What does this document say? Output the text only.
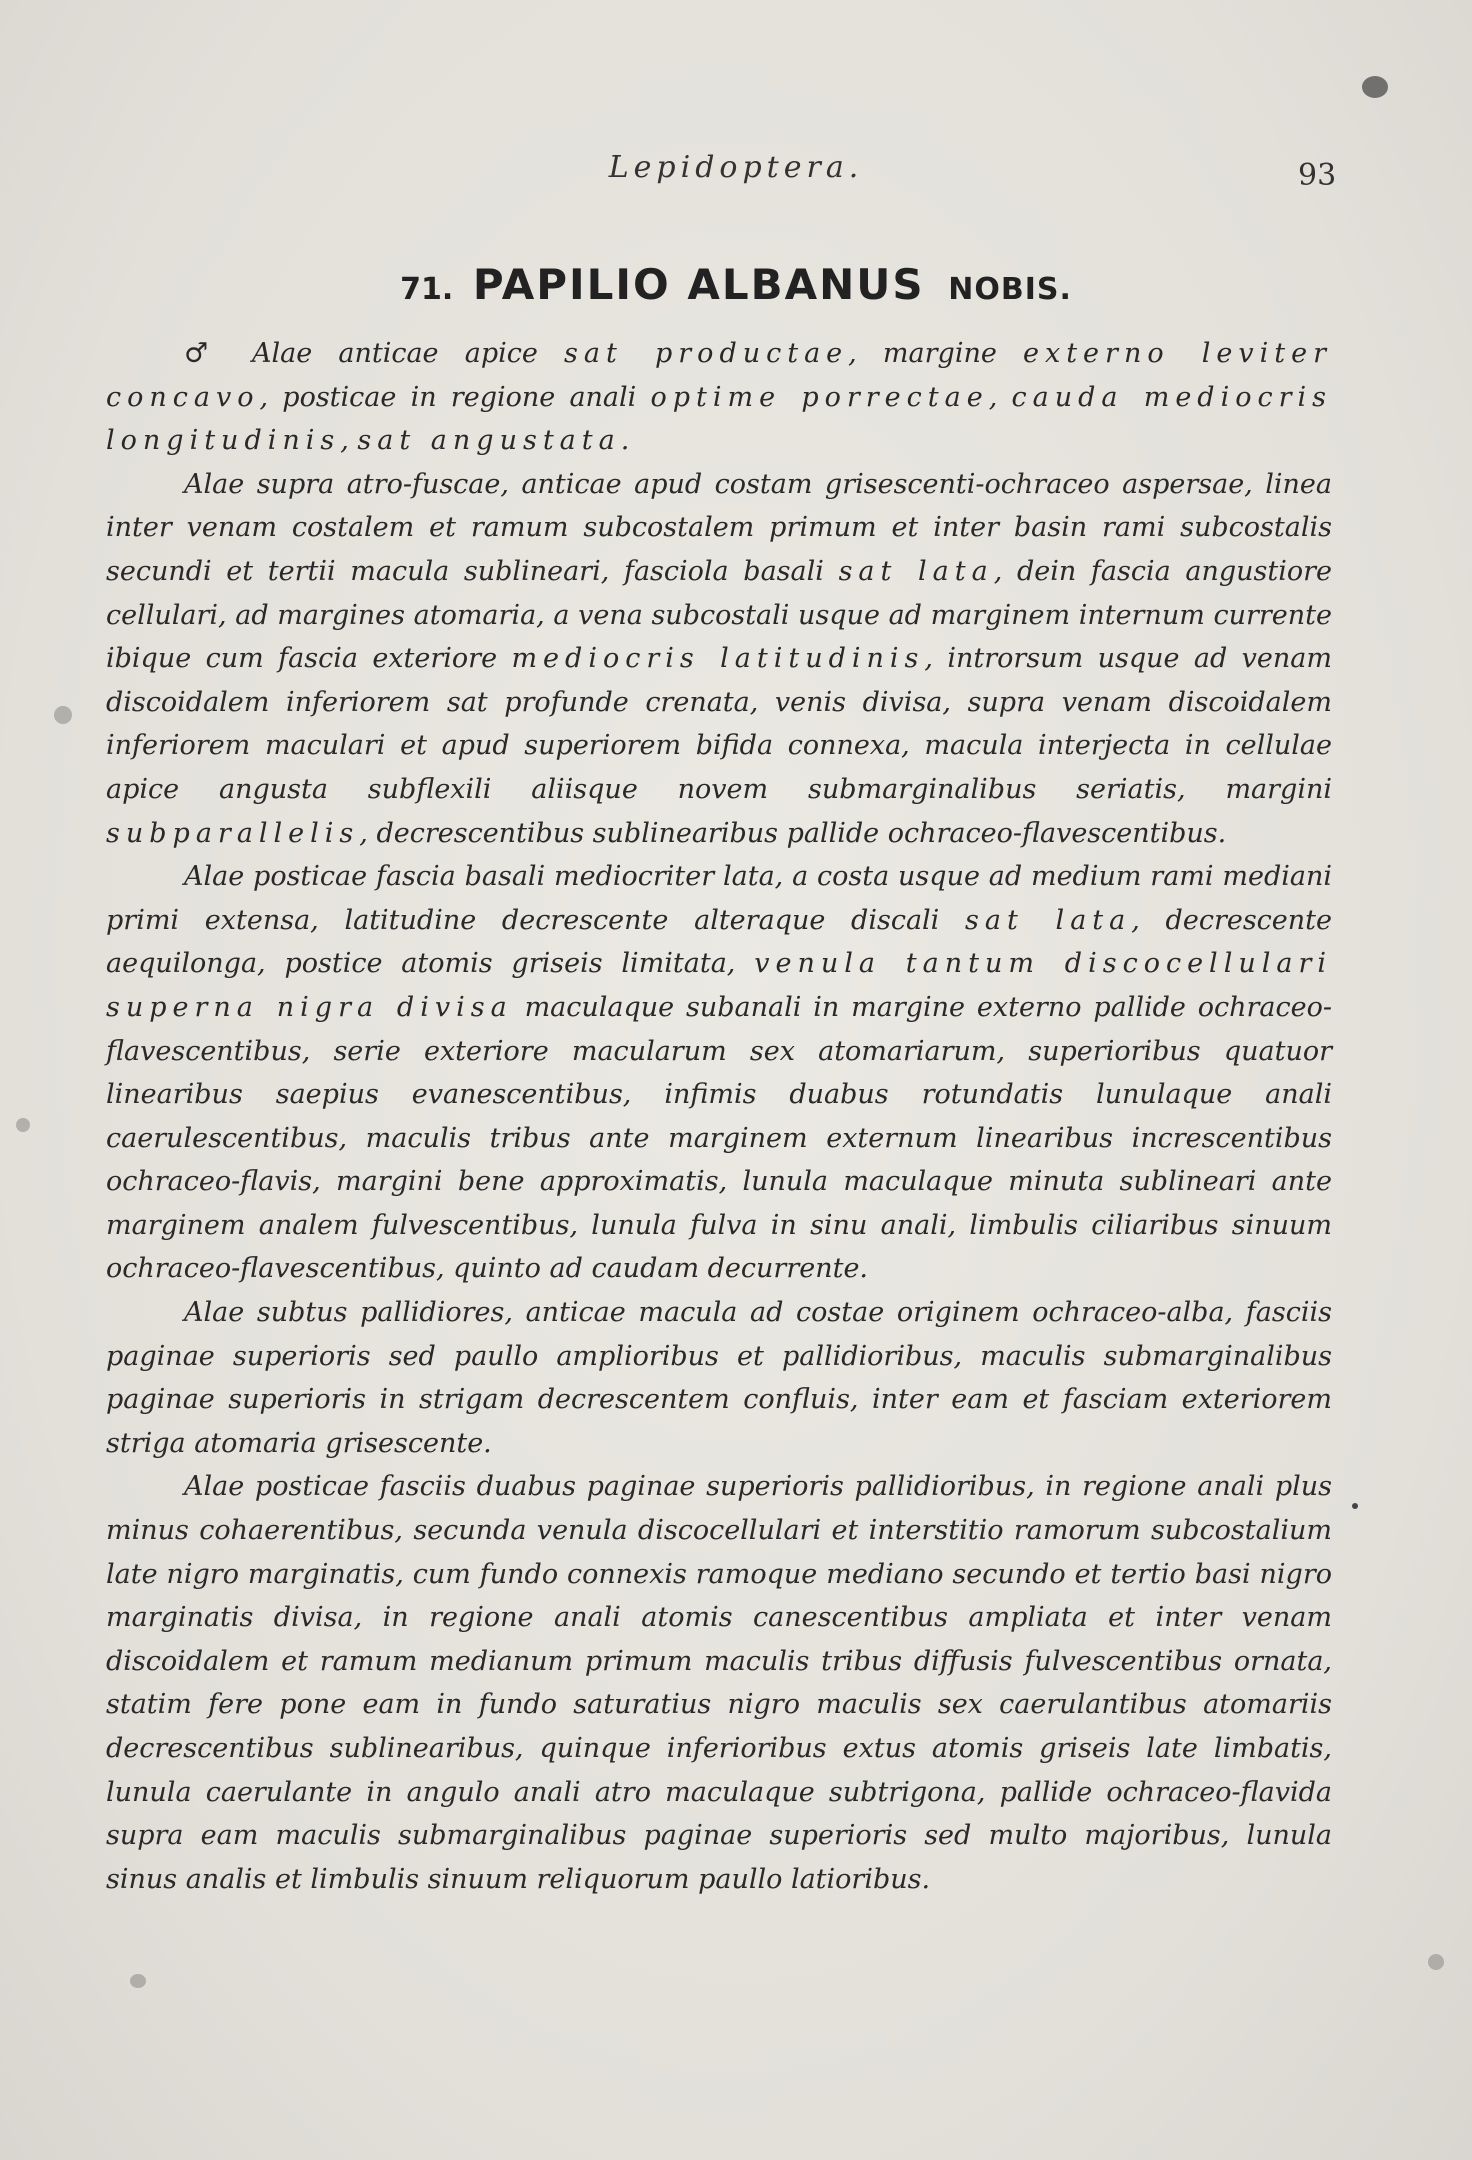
Lepidoptera.	93
71. PAPILIO ALBANUS NOBIS.

♂ Alae anticae apice sat productae, margine externo leviter concavo, posticae in regione anali optime porrectae, cauda mediocris longitudinis, sat angustata.

Alae supra atro-fuscae, anticae apud costam grisescenti-ochraceo aspersae, linea inter venam costalem et ramum subcostalem primum et inter basin rami subcostalis secundi et tertii macula sublineari, fasciola basali sat lata, dein fascia angustiore cellulari, ad margines atomaria, a vena subcostali usque ad marginem internum currente ibique cum fascia exteriore mediocris latitudinis, introrsum usque ad venam discoidalem inferiorem sat profunde crenata, venis divisa, supra venam discoidalem inferiorem maculari et apud superiorem bifida connexa, macula interjecta in cellulae apice angusta subflexili aliisque novem submarginalibus seriatis, margini subparallelis, decrescentibus sublinearibus pallide ochraceo-flavescentibus.

Alae posticae fascia basali mediocriter lata, a costa usque ad medium rami mediani primi extensa, latitudine decrescente alteraque discali sat lata, decrescente aequilonga, postice atomis griseis limitata, venula tantum discocellulari superna nigra divisa maculaque subanali in margine externo pallide ochraceo-flavescentibus, serie exteriore macularum sex atomariarum, superioribus quatuor linearibus saepius evanescentibus, infimis duabus rotundatis lunulaque anali caerulescentibus, maculis tribus ante marginem externum linearibus increscentibus ochraceo-flavis, margini bene approximatis, lunula maculaque minuta sublineari ante marginem analem fulvescentibus, lunula fulva in sinu anali, limbulis ciliaribus sinuum ochraceo-flavescentibus, quinto ad caudam decurrente.

Alae subtus pallidiores, anticae macula ad costae originem ochraceo-alba, fasciis paginae superioris sed paullo amplioribus et pallidioribus, maculis submarginalibus paginae superioris in strigam decrescentem confluis, inter eam et fasciam exteriorem striga atomaria grisescente.

Alae posticae fasciis duabus paginae superioris pallidioribus, in regione anali plus minus cohaerentibus, secunda venula discocellulari et interstitio ramorum subcostalium late nigro marginatis, cum fundo connexis ramoque mediano secundo et tertio basi nigro marginatis divisa, in regione anali atomis canescentibus ampliata et inter venam discoidalem et ramum medianum primum maculis tribus diffusis fulvescentibus ornata, statim fere pone eam in fundo saturatius nigro maculis sex caerulantibus atomariis decrescentibus sublinearibus, quinque inferioribus extus atomis griseis late limbatis, lunula caerulante in angulo anali atro maculaque subtrigona, pallide ochraceo-flavida supra eam maculis submarginalibus paginae superioris sed multo majoribus, lunula sinus analis et limbulis sinuum reliquorum paullo latioribus.
